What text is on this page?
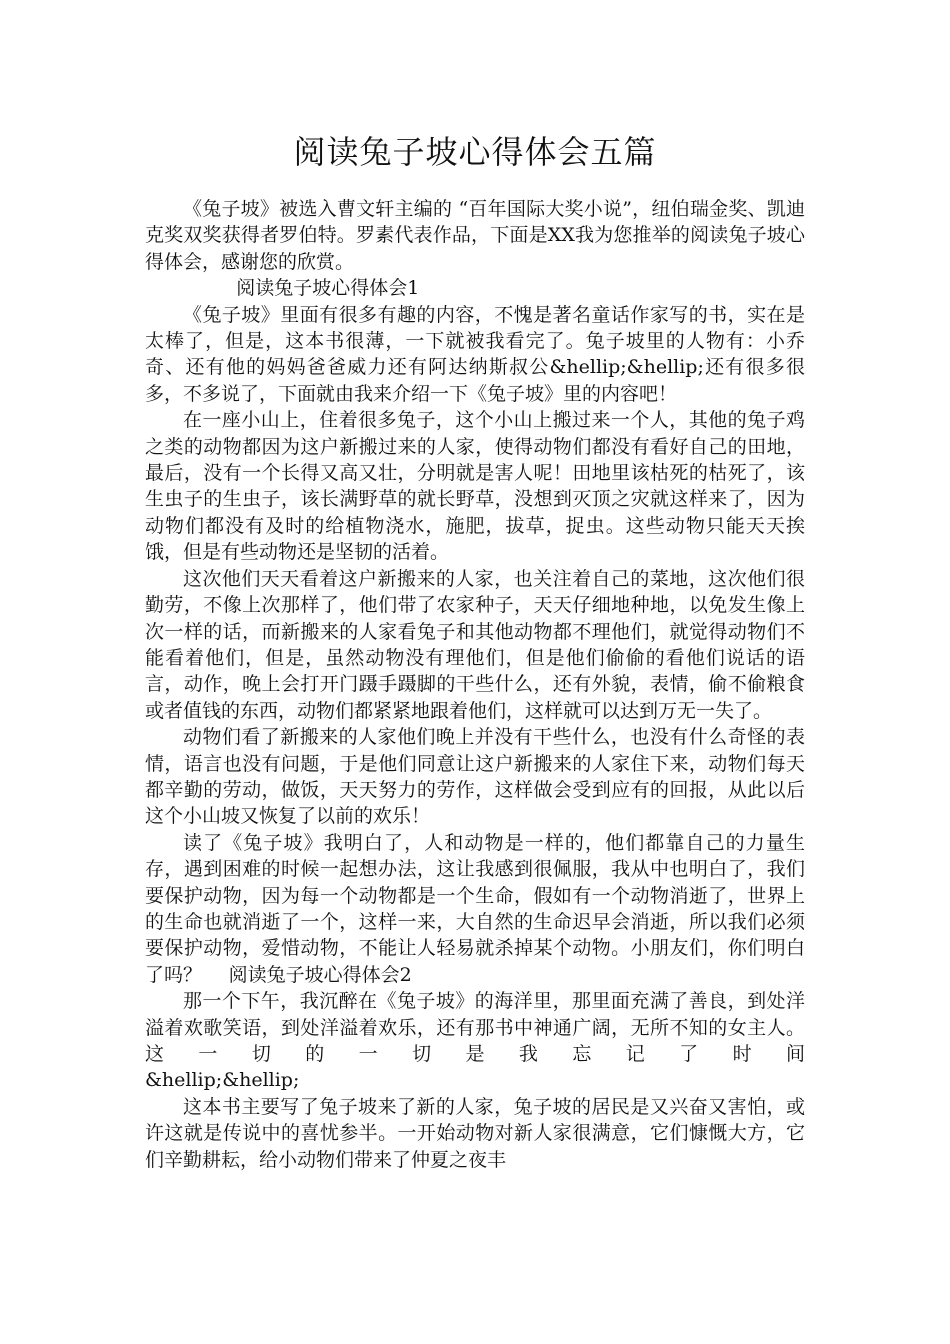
阅读兔子坡心得体会五篇

《兔子坡》被选入曹文轩主编的 “百年国际大奖小说”，纽伯瑞金奖、凯迪克奖双奖获得者罗伯特。罗素代表作品，下面是XX我为您推举的阅读兔子坡心得体会，感谢您的欣赏。

阅读兔子坡心得体会1

《兔子坡》里面有很多有趣的内容，不愧是著名童话作家写的书，实在是太棒了，但是，这本书很薄，一下就被我看完了。兔子坡里的人物有：小乔奇、还有他的妈妈爸爸威力还有阿达纳斯叔公&hellip;&hellip;还有很多很多，不多说了，下面就由我来介绍一下《兔子坡》里的内容吧！

在一座小山上，住着很多兔子，这个小山上搬过来一个人，其他的兔子鸡之类的动物都因为这户新搬过来的人家，使得动物们都没有看好自己的田地，最后，没有一个长得又高又壮，分明就是害人呢！田地里该枯死的枯死了，该生虫子的生虫子，该长满野草的就长野草，没想到灭顶之灾就这样来了，因为动物们都没有及时的给植物浇水，施肥，拔草，捉虫。这些动物只能天天挨饿，但是有些动物还是坚韧的活着。

这次他们天天看着这户新搬来的人家，也关注着自己的菜地，这次他们很勤劳，不像上次那样了，他们带了农家种子，天天仔细地种地，以免发生像上次一样的话，而新搬来的人家看兔子和其他动物都不理他们，就觉得动物们不能看着他们，但是，虽然动物没有理他们，但是他们偷偷的看他们说话的语言，动作，晚上会打开门蹑手蹑脚的干些什么，还有外貌，表情，偷不偷粮食或者值钱的东西，动物们都紧紧地跟着他们，这样就可以达到万无一失了。

动物们看了新搬来的人家他们晚上并没有干些什么，也没有什么奇怪的表情，语言也没有问题，于是他们同意让这户新搬来的人家住下来，动物们每天都辛勤的劳动，做饭，天天努力的劳作，这样做会受到应有的回报，从此以后这个小山坡又恢复了以前的欢乐！

读了《兔子坡》我明白了，人和动物是一样的，他们都靠自己的力量生存，遇到困难的时候一起想办法，这让我感到很佩服，我从中也明白了，我们要保护动物，因为每一个动物都是一个生命，假如有一个动物消逝了，世界上的生命也就消逝了一个，这样一来，大自然的生命迟早会消逝，所以我们必须要保护动物，爱惜动物，不能让人轻易就杀掉某个动物。小朋友们，你们明白了吗？ 阅读兔子坡心得体会2

那一个下午，我沉醉在《兔子坡》的海洋里，那里面充满了善良，到处洋溢着欢歌笑语，到处洋溢着欢乐，还有那书中神通广阔，无所不知的女主人。这一切的一切是我忘记了时间

&hellip;&hellip;

这本书主要写了兔子坡来了新的人家，兔子坡的居民是又兴奋又害怕，或许这就是传说中的喜忧参半。一开始动物对新人家很满意，它们慷慨大方，它们辛勤耕耘，给小动物们带来了仲夏之夜丰
